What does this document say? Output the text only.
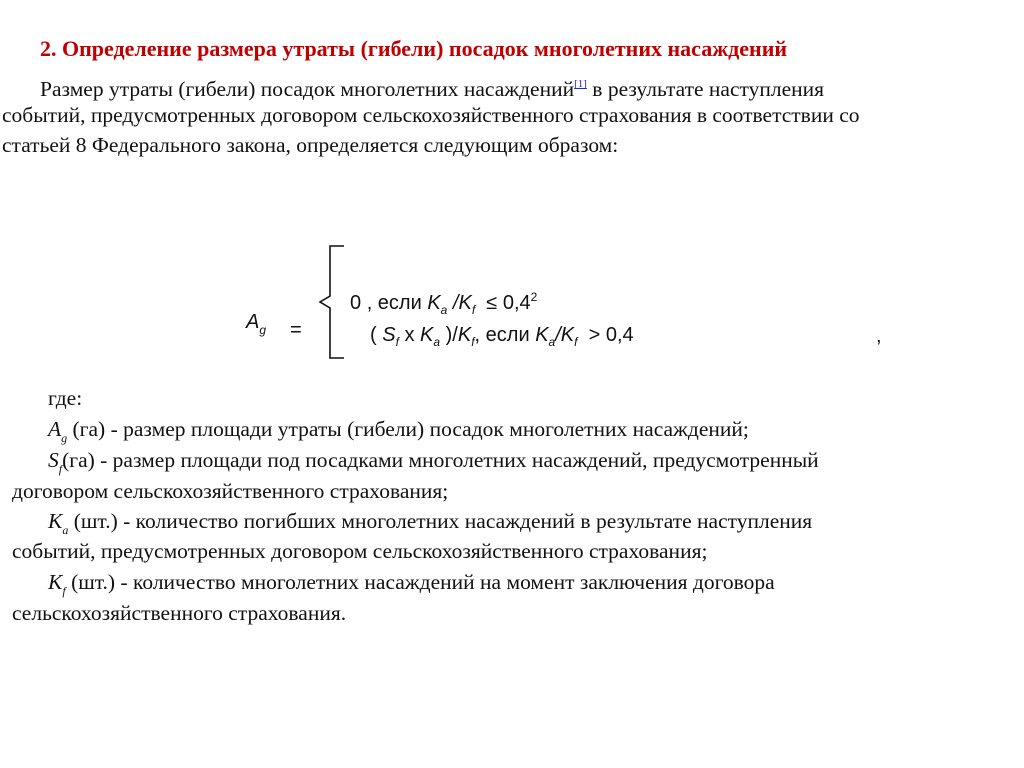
2. Определение размера утраты (гибели) посадок многолетних насаждений
Размер утраты (гибели) посадок многолетних насаждений[1] в результате наступления
событий, предусмотренных договором сельскохозяйственного страхования в соответствии со
статьей 8 Федерального закона, определяется следующим образом:
$A_g$ =
0 , если $K_a$ $/K_f \le 0,4^2$
( $S_f$ x $K_a$ )$/K_f$, если $K_a/K_f > 0,4$	,
где:
$A_g$ (га) - размер площади утраты (гибели) посадок многолетних насаждений;
$S_f(га)$ - размер площади под посадками многолетних насаждений, предусмотренный
договором сельскохозяйственного страхования;
$K_a$ (шт.) - количество погибших многолетних насаждений в результате наступления
событий, предусмотренных договором сельскохозяйственного страхования;
$K_f$ (шт.) - количество многолетних насаждений на момент заключения договора
сельскохозяйственного страхования.
